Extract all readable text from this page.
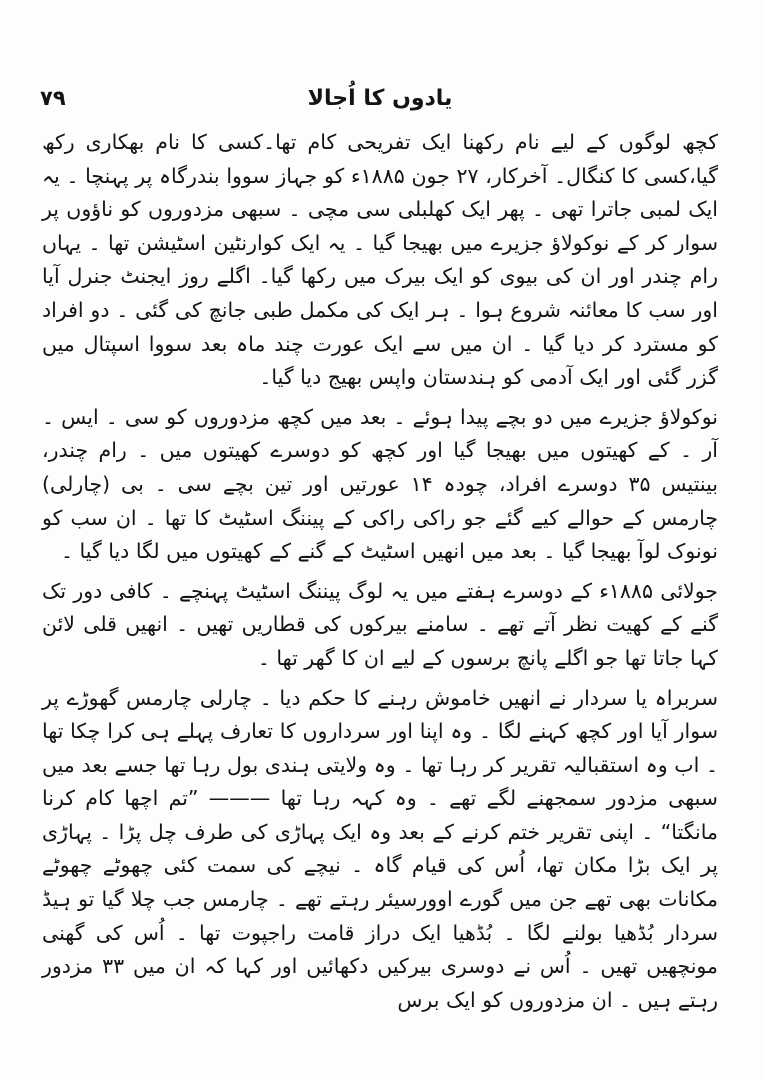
۷۹	یادوں کا اُجالا

کچھ لوگوں کے لیے نام رکھنا ایک تفریحی کام تھا۔کسی کا نام بھکاری رکھ گیا،کسی کا کنگال۔ آخرکار، ۲۷ جون ۱۸۸۵ء کو جہاز سووا بندرگاہ پر پہنچا ۔ یہ ایک لمبی جاترا تھی ۔ پھر ایک کھلبلی سی مچی ۔ سبھی مزدوروں کو ناؤوں پر سوار کر کے نوکولاؤ جزیرے میں بھیجا گیا ۔ یہ ایک کوارنٹین اسٹیشن تھا ۔ یہاں رام چندر اور ان کی بیوی کو ایک بیرک میں رکھا گیا۔ اگلے روز ایجنٹ جنرل آیا اور سب کا معائنہ شروع ہوا ۔ ہر ایک کی مکمل طبی جانچ کی گئی ۔ دو افراد کو مسترد کر دیا گیا ۔ ان میں سے ایک عورت چند ماہ بعد سووا اسپتال میں گزر گئی اور ایک آدمی کو ہندستان واپس بھیج دیا گیا۔

نوکولاؤ جزیرے میں دو بچے پیدا ہوئے ۔ بعد میں کچھ مزدوروں کو سی ۔ ایس ۔ آر ۔ کے کھیتوں میں بھیجا گیا اور کچھ کو دوسرے کھیتوں میں ۔ رام چندر، بینتیس ۳۵ دوسرے افراد، چودہ ۱۴ عورتیں اور تین بچے سی ۔ بی (چارلی) چارمس کے حوالے کیے گئے جو راکی راکی کے پیننگ اسٹیٹ کا تھا ۔ ان سب کو نونوک لوآ بھیجا گیا ۔ بعد میں انھیں اسٹیٹ کے گنے کے کھیتوں میں لگا دیا گیا ۔

جولائی ۱۸۸۵ء کے دوسرے ہفتے میں یہ لوگ پیننگ اسٹیٹ پہنچے ۔ کافی دور تک گنے کے کھیت نظر آتے تھے ۔ سامنے بیرکوں کی قطاریں تھیں ۔ انھیں قلی لائن کہا جاتا تھا جو اگلے پانچ برسوں کے لیے ان کا گھر تھا ۔

سربراہ یا سردار نے انھیں خاموش رہنے کا حکم دیا ۔ چارلی چارمس گھوڑے پر سوار آیا اور کچھ کہنے لگا ۔ وہ اپنا اور سرداروں کا تعارف پہلے ہی کرا چکا تھا ۔ اب وہ استقبالیہ تقریر کر رہا تھا ۔ وہ ولایتی ہندی بول رہا تھا جسے بعد میں سبھی مزدور سمجھنے لگے تھے ۔ وہ کہہ رہا تھا ——— ”تم اچھا کام کرنا مانگتا“ ۔ اپنی تقریر ختم کرنے کے بعد وہ ایک پہاڑی کی طرف چل پڑا ۔ پہاڑی پر ایک بڑا مکان تھا، اُس کی قیام گاہ ۔ نیچے کی سمت کئی چھوٹے چھوٹے مکانات بھی تھے جن میں گورے اوورسیئر رہتے تھے ۔ چارمس جب چلا گیا تو ہیڈ سردار بُڈھیا بولنے لگا ۔ بُڈھیا ایک دراز قامت راجپوت تھا ۔ اُس کی گھنی مونچھیں تھیں ۔ اُس نے دوسری بیرکیں دکھائیں اور کہا کہ ان میں ۳۳ مزدور رہتے ہیں ۔ ان مزدوروں کو ایک برس
